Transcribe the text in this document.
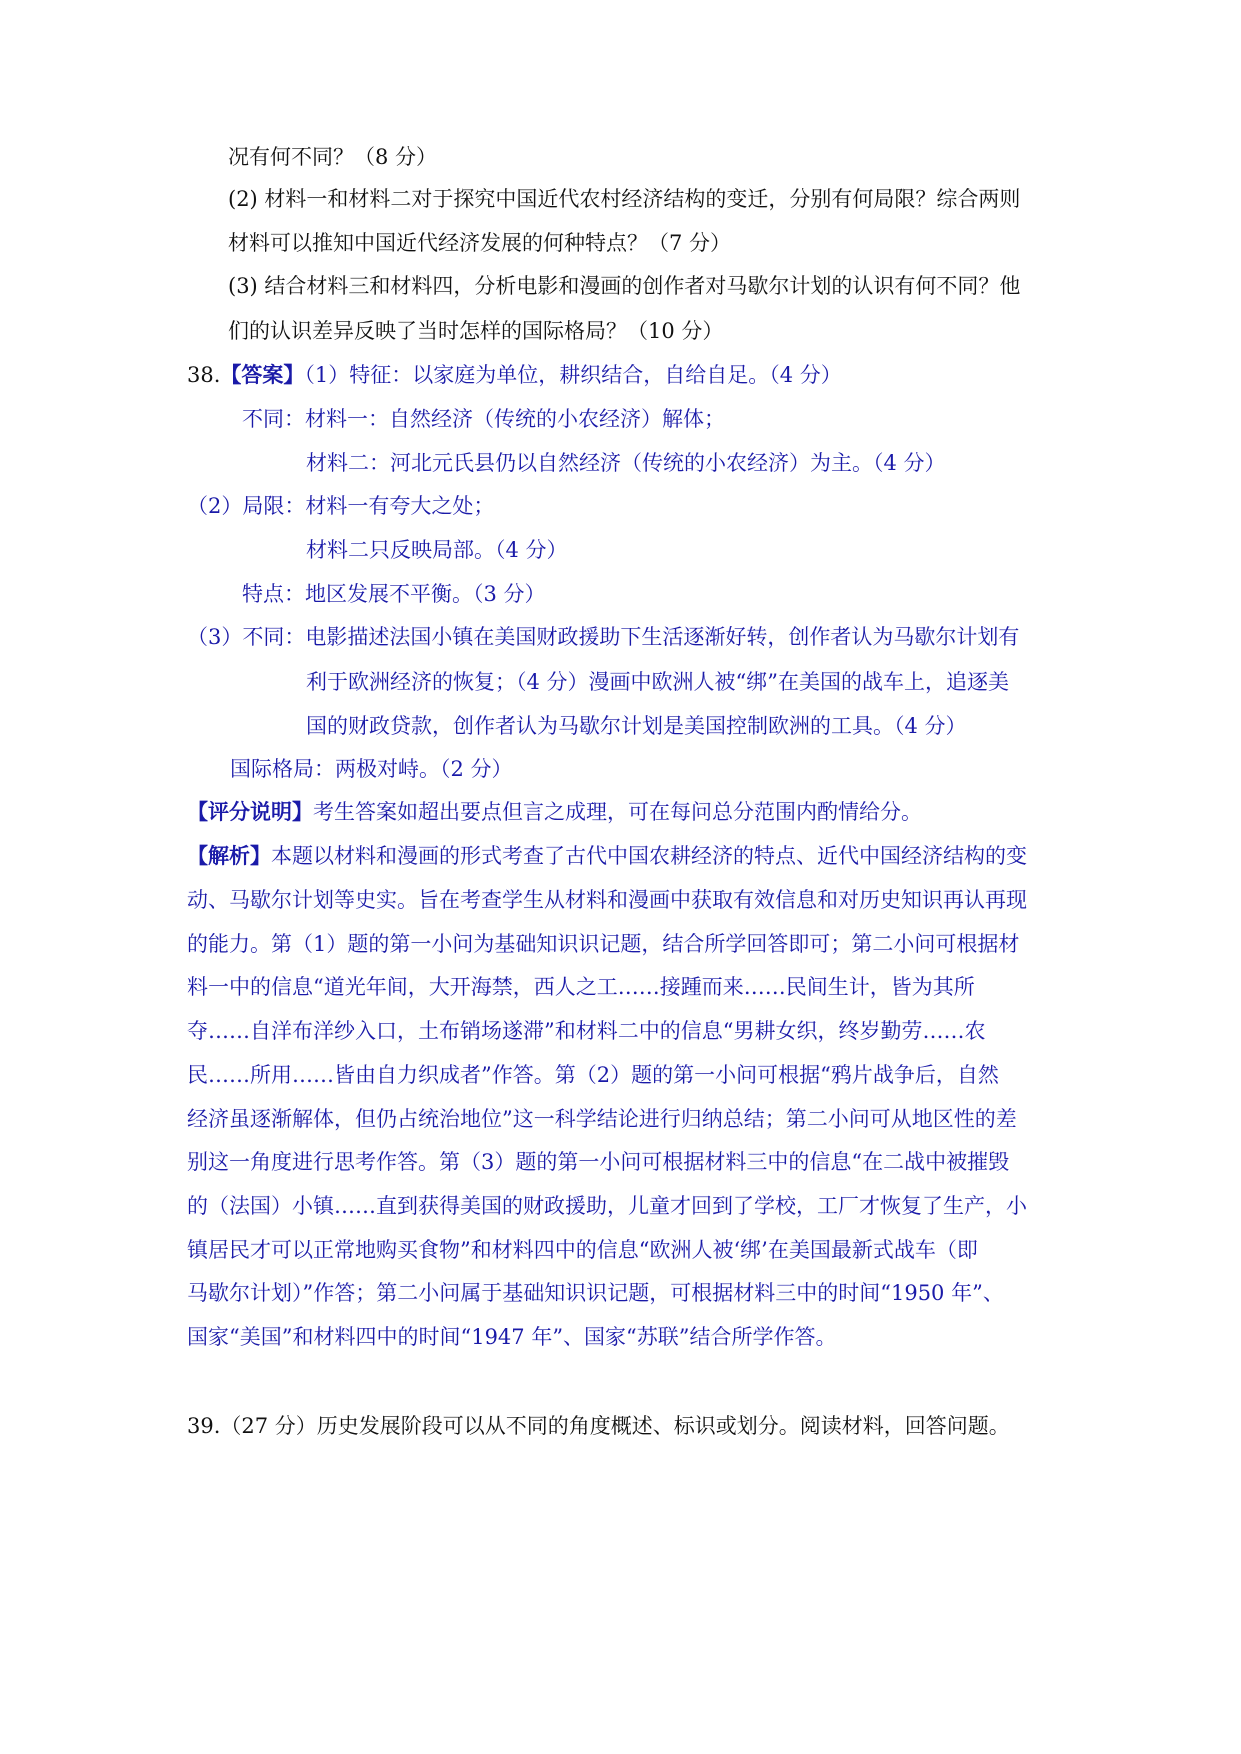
况有何不同？（8 分）
(2) 材料一和材料二对于探究中国近代农村经济结构的变迁，分别有何局限？综合两则
材料可以推知中国近代经济发展的何种特点？（7 分）
(3) 结合材料三和材料四，分析电影和漫画的创作者对马歇尔计划的认识有何不同？他
们的认识差异反映了当时怎样的国际格局？（10 分）
38.【答案】（1）特征：以家庭为单位，耕织结合，自给自足。（4 分）
不同：材料一：自然经济（传统的小农经济）解体；
材料二：河北元氏县仍以自然经济（传统的小农经济）为主。（4 分）
（2）局限：材料一有夸大之处；
材料二只反映局部。（4 分）
特点：地区发展不平衡。（3 分）
（3）不同：电影描述法国小镇在美国财政援助下生活逐渐好转，创作者认为马歇尔计划有
利于欧洲经济的恢复；（4 分）漫画中欧洲人被“绑”在美国的战车上，追逐美
国的财政贷款，创作者认为马歇尔计划是美国控制欧洲的工具。（4 分）
国际格局：两极对峙。（2 分）
【评分说明】考生答案如超出要点但言之成理，可在每问总分范围内酌情给分。
【解析】本题以材料和漫画的形式考查了古代中国农耕经济的特点、近代中国经济结构的变
动、马歇尔计划等史实。旨在考查学生从材料和漫画中获取有效信息和对历史知识再认再现
的能力。第（1）题的第一小问为基础知识识记题，结合所学回答即可；第二小问可根据材
料一中的信息“道光年间，大开海禁，西人之工……接踵而来……民间生计，皆为其所
夺……自洋布洋纱入口，土布销场遂滞”和材料二中的信息“男耕女织，终岁勤劳……农
民……所用……皆由自力织成者”作答。第（2）题的第一小问可根据“鸦片战争后，自然
经济虽逐渐解体，但仍占统治地位”这一科学结论进行归纳总结；第二小问可从地区性的差
别这一角度进行思考作答。第（3）题的第一小问可根据材料三中的信息“在二战中被摧毁
的（法国）小镇……直到获得美国的财政援助，儿童才回到了学校，工厂才恢复了生产，小
镇居民才可以正常地购买食物”和材料四中的信息“欧洲人被‘绑’在美国最新式战车（即
马歇尔计划）”作答；第二小问属于基础知识识记题，可根据材料三中的时间“1950 年”、
国家“美国”和材料四中的时间“1947 年”、国家“苏联”结合所学作答。
39.（27 分）历史发展阶段可以从不同的角度概述、标识或划分。阅读材料，回答问题。
